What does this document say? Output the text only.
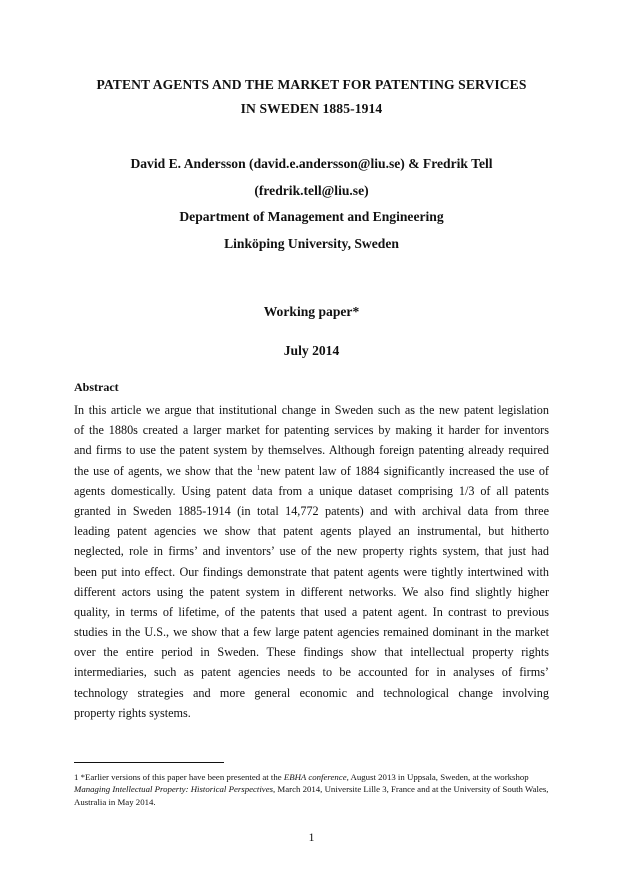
PATENT AGENTS AND THE MARKET FOR PATENTING SERVICES
IN SWEDEN 1885-1914
David E. Andersson (david.e.andersson@liu.se) & Fredrik Tell
(fredrik.tell@liu.se)
Department of Management and Engineering
Linköping University, Sweden
Working paper*
July 2014
Abstract
In this article we argue that institutional change in Sweden such as the new patent legislation
of the 1880s created a larger market for patenting services by making it harder for inventors
and firms to use the patent system by themselves. Although foreign patenting already required
the use of agents, we show that the $^1$new patent law of 1884 significantly increased the use of
agents domestically. Using patent data from a unique dataset comprising 1/3 of all patents
granted in Sweden 1885-1914 (in total 14,772 patents) and with archival data from three
leading patent agencies we show that patent agents played an instrumental, but hitherto
neglected, role in firms’ and inventors’ use of the new property rights system, that just had
been put into effect. Our findings demonstrate that patent agents were tightly intertwined with
different actors using the patent system in different networks. We also find slightly higher
quality, in terms of lifetime, of the patents that used a patent agent. In contrast to previous
studies in the U.S., we show that a few large patent agencies remained dominant in the market
over the entire period in Sweden. These findings show that intellectual property rights
intermediaries, such as patent agencies needs to be accounted for in analyses of firms’
technology strategies and more general economic and technological change involving
property rights systems.
1 *Earlier versions of this paper have been presented at the EBHA conference, August 2013 in Uppsala, Sweden, at the workshop Managing Intellectual Property: Historical Perspectives, March 2014, Universite Lille 3, France and at the University of South Wales, Australia in May 2014.
1
